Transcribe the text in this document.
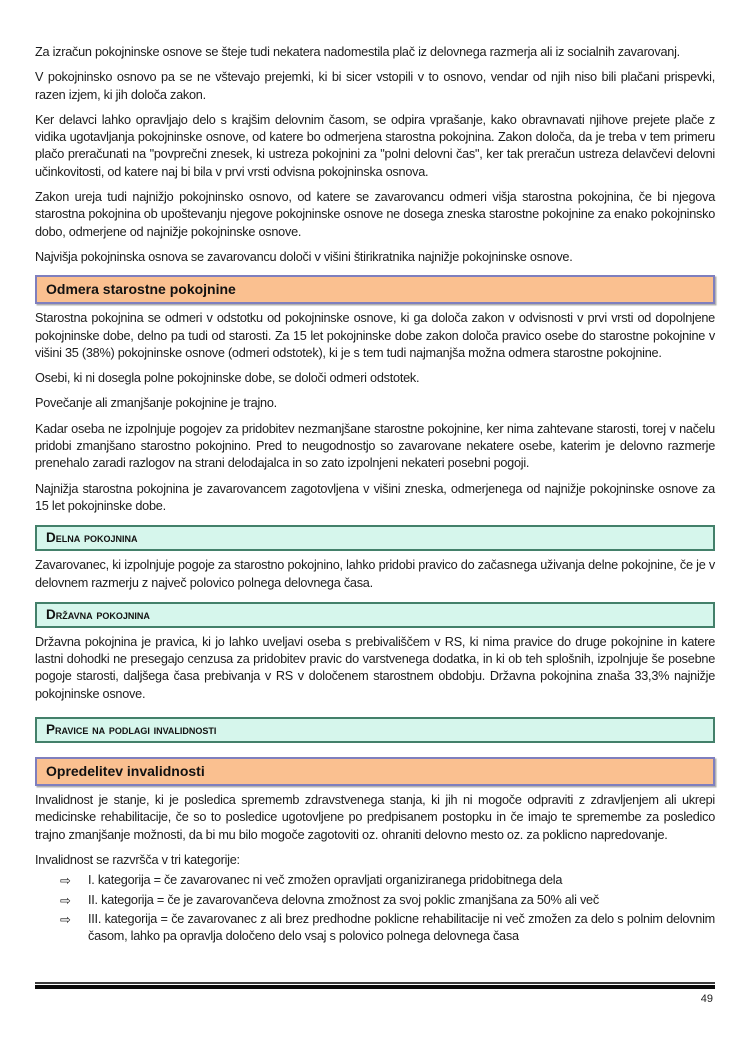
Za izračun pokojninske osnove se šteje tudi nekatera nadomestila plač iz delovnega razmerja ali iz socialnih zavarovanj.

V pokojninsko osnovo pa se ne vštevajo prejemki, ki bi sicer vstopili v to osnovo, vendar od njih niso bili plačani prispevki, razen izjem, ki jih določa zakon.

Ker delavci lahko opravljajo delo s krajšim delovnim časom, se odpira vprašanje, kako obravnavati njihove prejete plače z vidika ugotavljanja pokojninske osnove, od katere bo odmerjena starostna pokojnina. Zakon določa, da je treba v tem primeru plačo preračunati na "povprečni znesek, ki ustreza pokojnini za "polni delovni čas", ker tak preračun ustreza delavčevi delovni učinkovitosti, od katere naj bi bila v prvi vrsti odvisna pokojninska osnova.

Zakon ureja tudi najnižjo pokojninsko osnovo, od katere se zavarovancu odmeri višja starostna pokojnina, če bi njegova starostna pokojnina ob upoštevanju njegove pokojninske osnove ne dosega zneska starostne pokojnine za enako pokojninsko dobo, odmerjene od najnižje pokojninske osnove.

Najvišja pokojninska osnova se zavarovancu določi v višini štirikratnika najnižje pokojninske osnove.

Odmera starostne pokojnine

Starostna pokojnina se odmeri v odstotku od pokojninske osnove, ki ga določa zakon v odvisnosti v prvi vrsti od dopolnjene pokojninske dobe, delno pa tudi od starosti. Za 15 let pokojninske dobe zakon določa pravico osebe do starostne pokojnine v višini 35 (38%) pokojninske osnove (odmeri odstotek), ki je s tem tudi najmanjša možna odmera starostne pokojnine.

Osebi, ki ni dosegla polne pokojninske dobe, se določi odmeri odstotek.

Povečanje ali zmanjšanje pokojnine je trajno.

Kadar oseba ne izpolnjuje pogojev za pridobitev nezmanjšane starostne pokojnine, ker nima zahtevane starosti, torej v načelu pridobi zmanjšano starostno pokojnino. Pred to neugodnostjo so zavarovane nekatere osebe, katerim je delovno razmerje prenehalo zaradi razlogov na strani delodajalca in so zato izpolnjeni nekateri posebni pogoji.

Najnižja starostna pokojnina je zavarovancem zagotovljena v višini zneska, odmerjenega od najnižje pokojninske osnove za 15 let pokojninske dobe.

Delna pokojnina

Zavarovanec, ki izpolnjuje pogoje za starostno pokojnino, lahko pridobi pravico do začasnega uživanja delne pokojnine, če je v delovnem razmerju z največ polovico polnega delovnega časa.

Državna pokojnina

Državna pokojnina je pravica, ki jo lahko uveljavi oseba s prebivališčem v RS, ki nima pravice do druge pokojnine in katere lastni dohodki ne presegajo cenzusa za pridobitev pravic do varstvenega dodatka, in ki ob teh splošnih, izpolnjuje še posebne pogoje starosti, daljšega časa prebivanja v RS v določenem starostnem obdobju. Državna pokojnina znaša 33,3% najnižje pokojninske osnove.

Pravice na podlagi invalidnosti
Opredelitev invalidnosti

Invalidnost je stanje, ki je posledica sprememb zdravstvenega stanja, ki jih ni mogoče odpraviti z zdravljenjem ali ukrepi medicinske rehabilitacije, če so to posledice ugotovljene po predpisanem postopku in če imajo te spremembe za posledico trajno zmanjšanje možnosti, da bi mu bilo mogoče zagotoviti oz. ohraniti delovno mesto oz. za poklicno napredovanje.

Invalidnost se razvršča v tri kategorije:

⇨ I. kategorija = če zavarovanec ni več zmožen opravljati organiziranega pridobitnega dela
⇨ II. kategorija = če je zavarovančeva delovna zmožnost za svoj poklic zmanjšana za 50% ali več
⇨ III. kategorija = če zavarovanec z ali brez predhodne poklicne rehabilitacije ni več zmožen za delo s polnim delovnim časom, lahko pa opravlja določeno delo vsaj s polovico polnega delovnega časa
49
